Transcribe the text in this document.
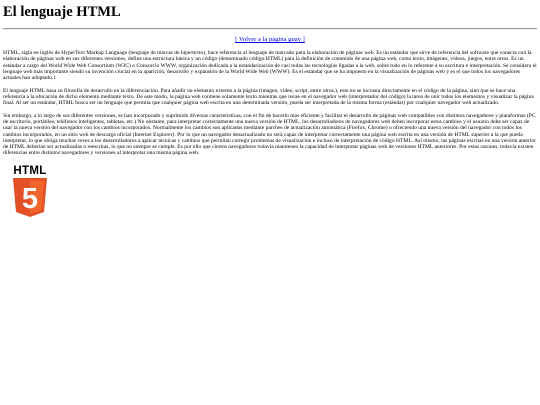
El lenguaje HTML
[ Volver a la página guay ]

HTML, sigla en inglés de HyperText Markup Language (lenguaje de marcas de hipertexto), hace referencia al lenguaje de marcado para la elaboración de páginas web. Es un estándar que sirve de referencia del software que conecta con la elaboración de páginas web en sus diferentes versiones, define una estructura básica y un código (denominado código HTML) para la definición de contenido de una página web, como texto, imágenes, videos, juegos, entre otros. Es un estándar a cargo del World Wide Web Consortium (W3C) o Consorcio WWW, organización dedicada a la estandarización de casi todas las tecnologías ligadas a la web, sobre todo en lo referente a su escritura e interpretación. Se considera el lenguaje web más importante siendo su invención crucial en la aparición, desarrollo y expansión de la World Wide Web (WWW). Es el estándar que se ha impuesto en la visualización de páginas web y es el que todos los navegadores actuales han adoptado.1

El lenguaje HTML basa su filosofía de desarrollo en la diferenciación. Para añadir un elemento externo a la página (imagen, vídeo, script, entre otros.), este no se incrusta directamente en el código de la página, sino que se hace una referencia a la ubicación de dicho elemento mediante texto. De este modo, la página web contiene solamente texto mientras que recae en el navegador web (interpretador del código) la tarea de unir todos los elementos y visualizar la página final. Al ser un estándar, HTML busca ser un lenguaje que permita que cualquier página web escrita en una determinada versión, pueda ser interpretada de la misma forma (estándar) por cualquier navegador web actualizado.

Sin embargo, a lo largo de sus diferentes versiones, se han incorporado y suprimido diversas características, con el fin de hacerlo más eficiente y facilitar el desarrollo de páginas web compatibles con distintos navegadores y plataformas (PC de escritorio, portátiles, teléfonos inteligentes, tabletas, etc.) No obstante, para interpretar correctamente una nueva versión de HTML, los desarrolladores de navegadores web deben incorporar estos cambios y el usuario debe ser capaz de usar la nueva versión del navegador con los cambios incorporados. Normalmente los cambios son aplicados mediante parches de actualización automática (Firefox, Chrome) u ofreciendo una nueva versión del navegador con todos los cambios incorporados, en un sitio web de descarga oficial (Internet Explorer). Por lo que un navegador desactualizado no será capaz de interpretar correctamente una página web escrita en una versión de HTML superior a la que pueda interpretar, lo que obliga muchas veces a los desarrolladores a aplicar técnicas y cambios que permitan corregir problemas de visualización e incluso de interpretación de código HTML. Así mismo, las páginas escritas en una versión anterior de HTML deberían ser actualizadas o reescritas, lo que no siempre se cumple. Es por ello que ciertos navegadores todavía mantienen la capacidad de interpretar páginas web de versiones HTML anteriores. Por estas razones, todavía existen diferencias entre distintos navegadores y versiones al interpretar una misma página web.

HTML
5
